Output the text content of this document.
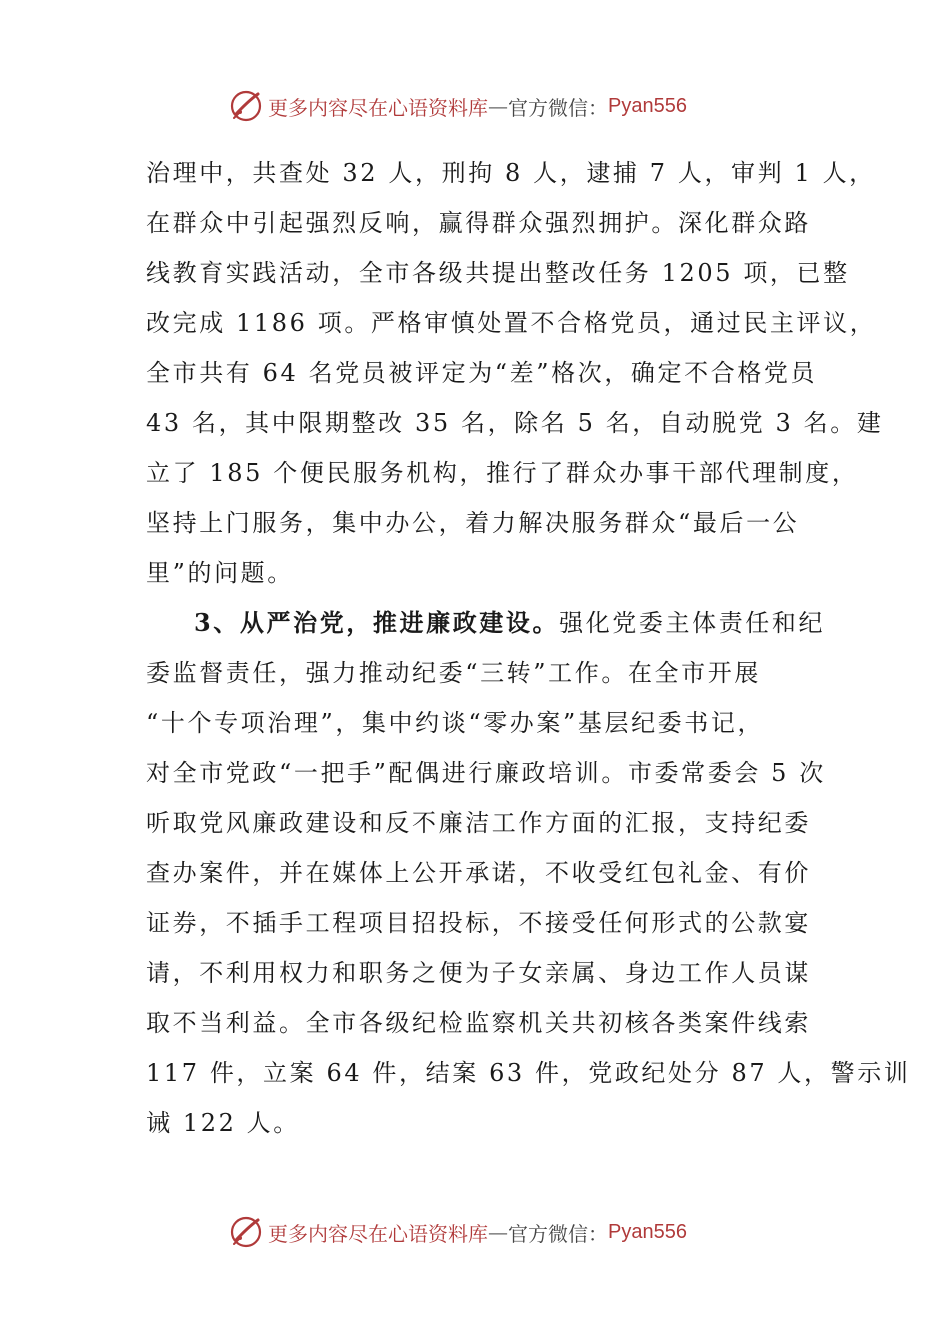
更多内容尽在心语资料库 — 官方微信： Pyan556
治理中，共查处 32 人，刑拘 8 人，逮捕 7 人，审判 1 人，
在群众中引起强烈反响，赢得群众强烈拥护。深化群众路
线教育实践活动，全市各级共提出整改任务 1205 项，已整
改完成 1186 项。严格审慎处置不合格党员，通过民主评议，
全市共有 64 名党员被评定为“差”格次，确定不合格党员
43 名，其中限期整改 35 名，除名 5 名，自动脱党 3 名。建
立了 185 个便民服务机构，推行了群众办事干部代理制度，
坚持上门服务，集中办公，着力解决服务群众“最后一公
里”的问题。
3、从严治党，推进廉政建设。强化党委主体责任和纪
委监督责任，强力推动纪委“三转”工作。在全市开展
“十个专项治理”，集中约谈“零办案”基层纪委书记，
对全市党政“一把手”配偶进行廉政培训。市委常委会 5 次
听取党风廉政建设和反不廉洁工作方面的汇报，支持纪委
查办案件，并在媒体上公开承诺，不收受红包礼金、有价
证券，不插手工程项目招投标，不接受任何形式的公款宴
请，不利用权力和职务之便为子女亲属、身边工作人员谋
取不当利益。全市各级纪检监察机关共初核各类案件线索
117 件，立案 64 件，结案 63 件，党政纪处分 87 人，警示训
诫 122 人。
更多内容尽在心语资料库 — 官方微信： Pyan556
